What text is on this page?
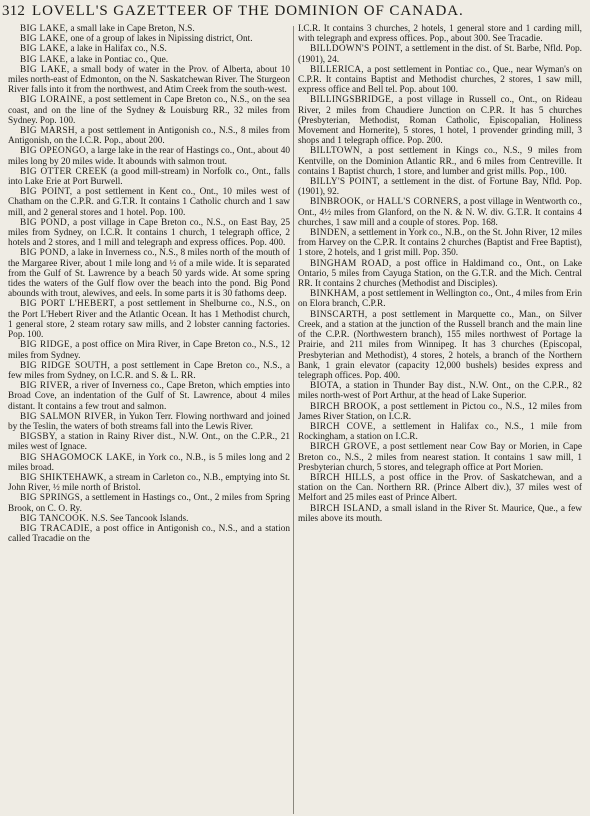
312 LOVELL'S GAZETTEER OF THE DOMINION OF CANADA.

BIG LAKE, a small lake in Cape Breton, N.S.

BIG LAKE, one of a group of lakes in Nipissing district, Ont.

BIG LAKE, a lake in Halifax co., N.S.

BIG LAKE, a lake in Pontiac co., Que.

BIG LAKE, a small body of water in the Prov. of Alberta, about 10 miles north-east of Edmonton, on the N. Saskatchewan River. The Sturgeon River falls into it from the northwest, and Atim Creek from the south-west.

BIG LORAINE, a post settlement in Cape Breton co., N.S., on the sea coast, and on the line of the Sydney & Louisburg RR., 32 miles from Sydney. Pop. 100.

BIG MARSH, a post settlement in Antigonish co., N.S., 8 miles from Antigonish, on the I.C.R. Pop., about 200.

BIG OPEONGO, a large lake in the rear of Hastings co., Ont., about 40 miles long by 20 miles wide. It abounds with salmon trout.

BIG OTTER CREEK (a good mill-stream) in Norfolk co., Ont., falls into Lake Erie at Port Burwell.

BIG POINT, a post settlement in Kent co., Ont., 10 miles west of Chatham on the C.P.R. and G.T.R. It contains 1 Catholic church and 1 saw mill, and 2 general stores and 1 hotel. Pop. 100.

BIG POND, a post village in Cape Breton co., N.S., on East Bay, 25 miles from Sydney, on I.C.R. It contains 1 church, 1 telegraph office, 2 hotels and 2 stores, and 1 mill and telegraph and express offices. Pop. 400.

BIG POND, a lake in Inverness co., N.S., 8 miles north of the mouth of the Margaree River, about 1 mile long and ½ of a mile wide. It is separated from the Gulf of St. Lawrence by a beach 50 yards wide. At some spring tides the waters of the Gulf flow over the beach into the pond. Big Pond abounds with trout, alewives, and eels. In some parts it is 30 fathoms deep.

BIG PORT L'HEBERT, a post settlement in Shelburne co., N.S., on the Port L'Hebert River and the Atlantic Ocean. It has 1 Methodist church, 1 general store, 2 steam rotary saw mills, and 2 lobster canning factories. Pop. 100.

BIG RIDGE, a post office on Mira River, in Cape Breton co., N.S., 12 miles from Sydney.

BIG RIDGE SOUTH, a post settlement in Cape Breton co., N.S., a few miles from Sydney, on I.C.R. and S. & L. RR.

BIG RIVER, a river of Inverness co., Cape Breton, which empties into Broad Cove, an indentation of the Gulf of St. Lawrence, about 4 miles distant. It contains a few trout and salmon.

BIG SALMON RIVER, in Yukon Terr. Flowing northward and joined by the Teslin, the waters of both streams fall into the Lewis River.

BIGSBY, a station in Rainy River dist., N.W. Ont., on the C.P.R., 21 miles west of Ignace.

BIG SHAGOMOCK LAKE, in York co., N.B., is 5 miles long and 2 miles broad.

BIG SHIKTEHAWK, a stream in Carleton co., N.B., emptying into St. John River, ½ mile north of Bristol.

BIG SPRINGS, a settlement in Hastings co., Ont., 2 miles from Spring Brook, on C. O. Ry.

BIG TANCOOK. N.S. See Tancook Islands.

BIG TRACADIE, a post office in Antigonish co., N.S., and a station called Tracadie on the

I.C.R. It contains 3 churches, 2 hotels, 1 general store and 1 carding mill, with telegraph and express offices. Pop., about 300. See Tracadie.

BILLDOWN'S POINT, a settlement in the dist. of St. Barbe, Nfld. Pop. (1901), 24.

BILLERICA, a post settlement in Pontiac co., Que., near Wyman's on C.P.R. It contains Baptist and Methodist churches, 2 stores, 1 saw mill, express office and Bell tel. Pop. about 100.

BILLINGSBRIDGE, a post village in Russell co., Ont., on Rideau River, 2 miles from Chaudiere Junction on C.P.R. It has 5 churches (Presbyterian, Methodist, Roman Catholic, Episcopalian, Holiness Movement and Hornerite), 5 stores, 1 hotel, 1 provender grinding mill, 3 shops and 1 telegraph office. Pop. 200.

BILLTOWN, a post settlement in Kings co., N.S., 9 miles from Kentville, on the Dominion Atlantic RR., and 6 miles from Centreville. It contains 1 Baptist church, 1 store, and lumber and grist mills. Pop., 100.

BILLY'S POINT, a settlement in the dist. of Fortune Bay, Nfld. Pop. (1901), 92.

BINBROOK, or HALL'S CORNERS, a post village in Wentworth co., Ont., 4½ miles from Glanford, on the N. & N. W. div. G.T.R. It contains 4 churches, 1 saw mill and a couple of stores. Pop. 168.

BINDEN, a settlement in York co., N.B., on the St. John River, 12 miles from Harvey on the C.P.R. It contains 2 churches (Baptist and Free Baptist), 1 store, 2 hotels, and 1 grist mill. Pop. 350.

BINGHAM ROAD, a post office in Haldimand co., Ont., on Lake Ontario, 5 miles from Cayuga Station, on the G.T.R. and the Mich. Central RR. It contains 2 churches (Methodist and Disciples).

BINKHAM, a post settlement in Wellington co., Ont., 4 miles from Erin on Elora branch, C.P.R.

BINSCARTH, a post settlement in Marquette co., Man., on Silver Creek, and a station at the junction of the Russell branch and the main line of the C.P.R. (Northwestern branch), 155 miles northwest of Portage la Prairie, and 211 miles from Winnipeg. It has 3 churches (Episcopal, Presbyterian and Methodist), 4 stores, 2 hotels, a branch of the Northern Bank, 1 grain elevator (capacity 12,000 bushels) besides express and telegraph offices. Pop. 400.

BIOTA, a station in Thunder Bay dist., N.W. Ont., on the C.P.R., 82 miles north-west of Port Arthur, at the head of Lake Superior.

BIRCH BROOK, a post settlement in Pictou co., N.S., 12 miles from James River Station, on I.C.R.

BIRCH COVE, a settlement in Halifax co., N.S., 1 mile from Rockingham, a station on I.C.R.

BIRCH GROVE, a post settlement near Cow Bay or Morien, in Cape Breton co., N.S., 2 miles from nearest station. It contains 1 saw mill, 1 Presbyterian church, 5 stores, and telegraph office at Port Morien.

BIRCH HILLS, a post office in the Prov. of Saskatchewan, and a station on the Can. Northern RR. (Prince Albert div.), 37 miles west of Melfort and 25 miles east of Prince Albert.

BIRCH ISLAND, a small island in the River St. Maurice, Que., a few miles above its mouth.
